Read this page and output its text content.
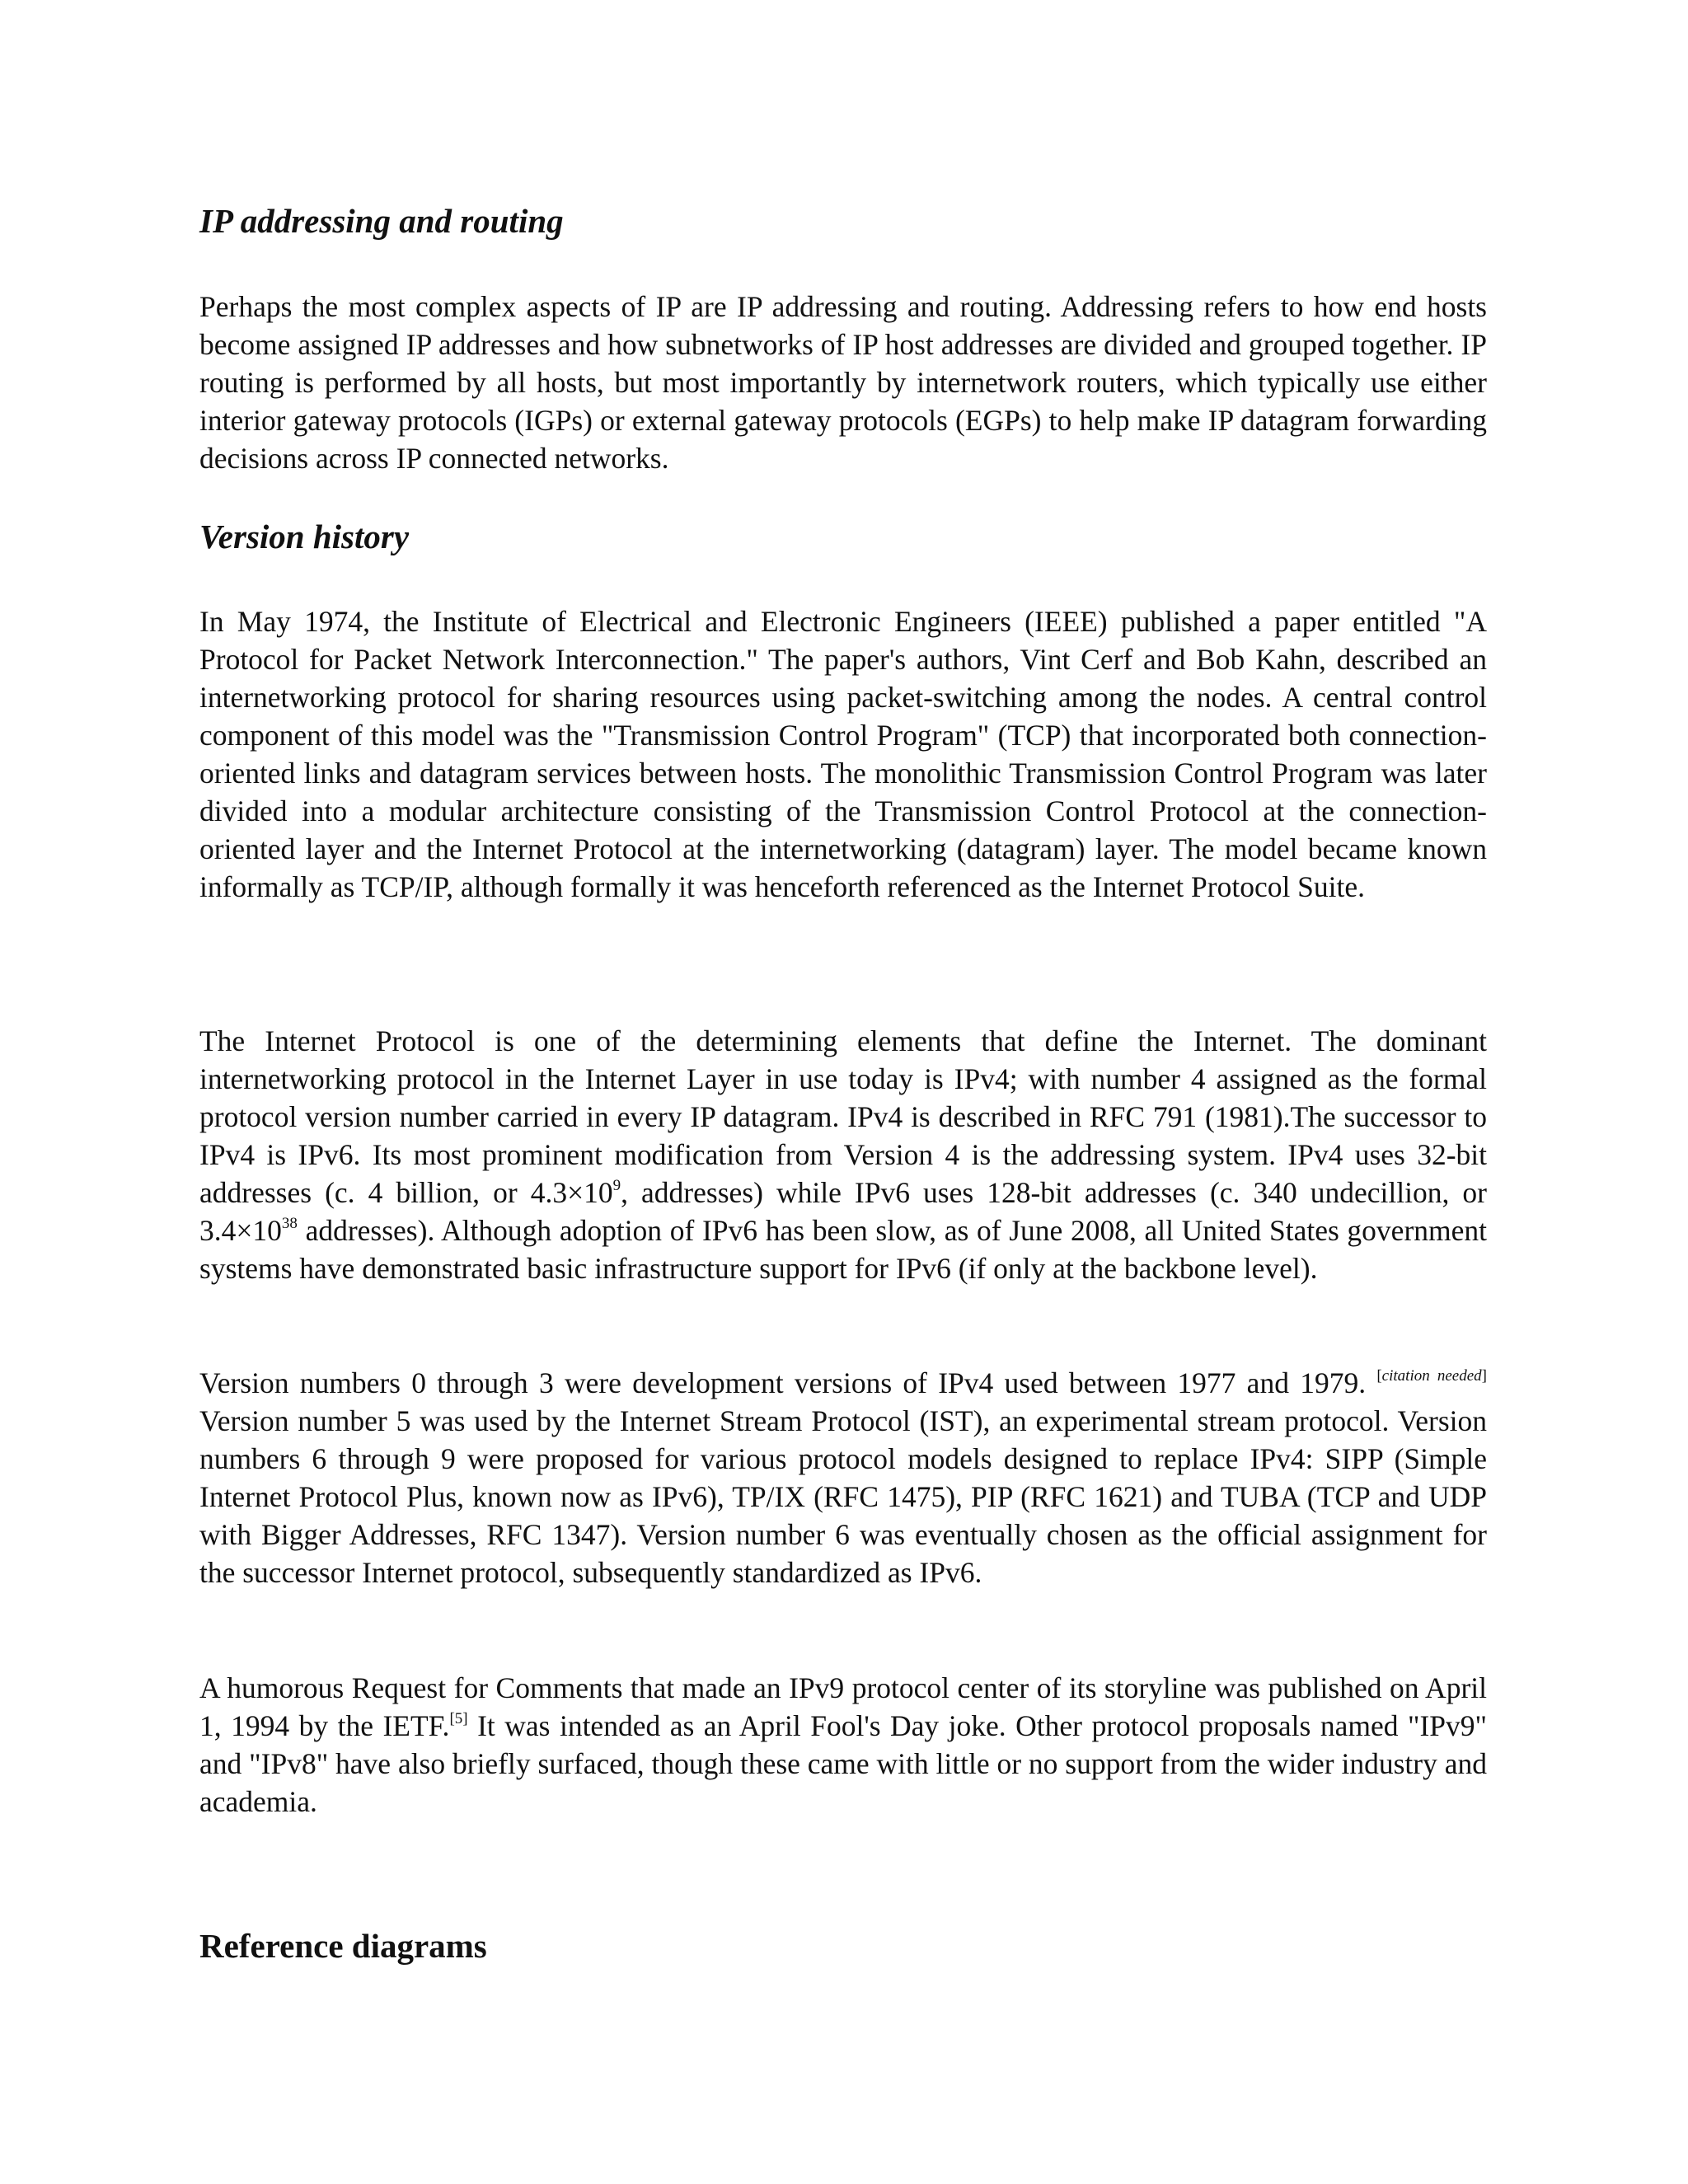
IP addressing and routing

Perhaps the most complex aspects of IP are IP addressing and routing. Addressing refers to how end hosts become assigned IP addresses and how subnetworks of IP host addresses are divided and grouped together. IP routing is performed by all hosts, but most importantly by internetwork routers, which typically use either interior gateway protocols (IGPs) or external gateway protocols (EGPs) to help make IP datagram forwarding decisions across IP connected networks.

Version history

In May 1974, the Institute of Electrical and Electronic Engineers (IEEE) published a paper entitled "A Protocol for Packet Network Interconnection." The paper's authors, Vint Cerf and Bob Kahn, described an internetworking protocol for sharing resources using packet-switching among the nodes. A central control component of this model was the "Transmission Control Program" (TCP) that incorporated both connection-oriented links and datagram services between hosts. The monolithic Transmission Control Program was later divided into a modular architecture consisting of the Transmission Control Protocol at the connection-oriented layer and the Internet Protocol at the internetworking (datagram) layer. The model became known informally as TCP/IP, although formally it was henceforth referenced as the Internet Protocol Suite.

The Internet Protocol is one of the determining elements that define the Internet. The dominant internetworking protocol in the Internet Layer in use today is IPv4; with number 4 assigned as the formal protocol version number carried in every IP datagram. IPv4 is described in RFC 791 (1981).The successor to IPv4 is IPv6. Its most prominent modification from Version 4 is the addressing system. IPv4 uses 32-bit addresses (c. 4 billion, or $4.3\times 10^9$, addresses) while IPv6 uses 128-bit addresses (c. 340 undecillion, or $3.4\times 10^{38}$ addresses). Although adoption of IPv6 has been slow, as of June 2008, all United States government systems have demonstrated basic infrastructure support for IPv6 (if only at the backbone level).

Version numbers 0 through 3 were development versions of IPv4 used between 1977 and 1979. [citation needed] Version number 5 was used by the Internet Stream Protocol (IST), an experimental stream protocol. Version numbers 6 through 9 were proposed for various protocol models designed to replace IPv4: SIPP (Simple Internet Protocol Plus, known now as IPv6), TP/IX (RFC 1475), PIP (RFC 1621) and TUBA (TCP and UDP with Bigger Addresses, RFC 1347). Version number 6 was eventually chosen as the official assignment for the successor Internet protocol, subsequently standardized as IPv6.

A humorous Request for Comments that made an IPv9 protocol center of its storyline was published on April 1, 1994 by the IETF.[5] It was intended as an April Fool's Day joke. Other protocol proposals named "IPv9" and "IPv8" have also briefly surfaced, though these came with little or no support from the wider industry and academia.

Reference diagrams
